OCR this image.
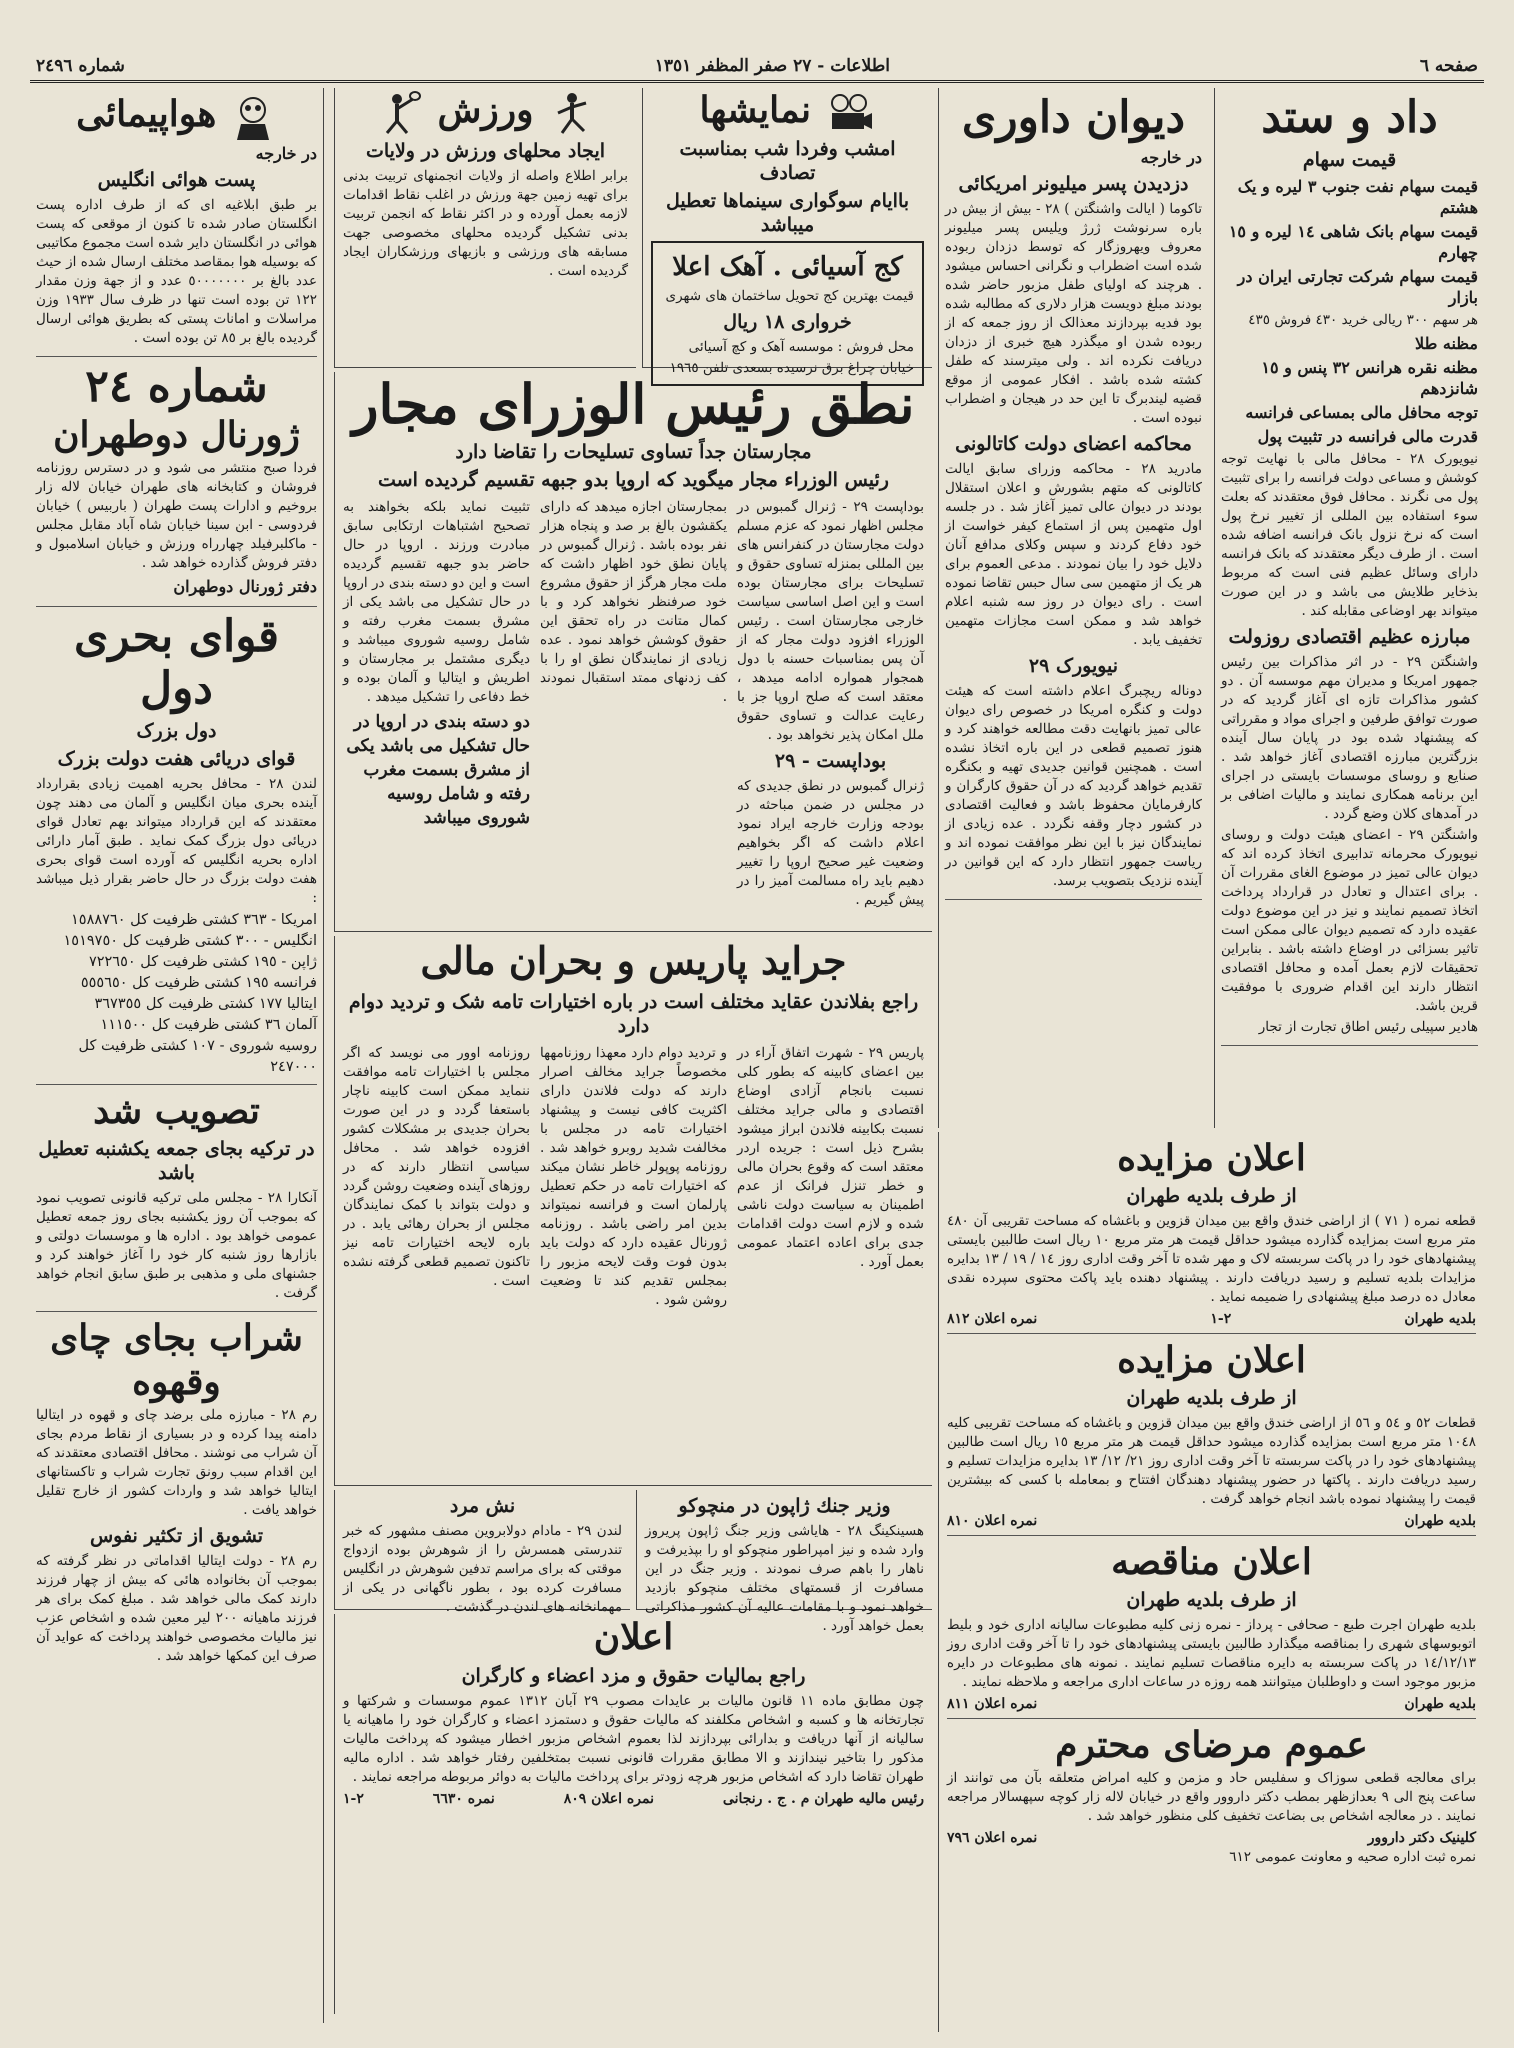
صفحه ٦
اطلاعات - ٢٧ صفر المظفر ١٣٥١
شماره ٢٤٩٦
داد و ستد
قیمت سهام
قیمت سهام نفت جنوب ٣ لیره و یک هشتم
قیمت سهام بانک شاهی ١٤ لیره و ١٥ چهارم
قیمت سهام شرکت تجارتی ایران در بازار
هر سهم ٣٠٠ ریالی خرید ٤٣٠ فروش ٤٣٥
مظنه طلا
مظنه نقره هرانس ٣٢ پنس و ١٥ شانزدهم
توجه محافل مالی بمساعی فرانسه
قدرت مالی فرانسه در تثبیت پول
نیویورک ٢٨ - محافل مالی با نهایت توجه کوشش و مساعی دولت فرانسه را برای تثبیت پول می نگرند . محافل فوق معتقدند که بعلت سوء استفاده بین المللی از تغییر نرخ پول است که نرخ نزول بانک فرانسه اضافه شده است . از طرف دیگر معتقدند که بانک فرانسه دارای وسائل عظیم فنی است که مربوط بذخایر طلایش می باشد و در این صورت میتواند بهر اوضاعی مقابله کند .
مبارزه عظیم اقتصادی روزولت
واشنگتن ٢٩ - در اثر مذاکرات بین رئیس جمهور امریکا و مدیران مهم موسسه آن . دو کشور مذاکرات تازه ای آغاز گردید که در صورت توافق طرفین و اجرای مواد و مقرراتی که پیشنهاد شده بود در پایان سال آینده بزرگترین مبارزه اقتصادی آغاز خواهد شد . صنایع و روسای موسسات بایستی در اجرای این برنامه همکاری نمایند و مالیات اضافی بر در آمدهای کلان وضع گردد .
واشنگتن ٢٩ - اعضای هیئت دولت و روسای نیویورک محرمانه تدابیری اتخاذ کرده اند که دیوان عالی تمیز در موضوع الغای مقررات آن . برای اعتدال و تعادل در قرارداد پرداخت اتخاذ تصمیم نمایند و نیز در این موضوع دولت عقیده دارد که تصمیم دیوان عالی ممکن است تاثیر بسزائی در اوضاع داشته باشد . بنابراین تحقیقات لازم بعمل آمده و محافل اقتصادی انتظار دارند این اقدام ضروری با موفقیت قرین باشد.
هادیر سپیلی رئیس اطاق تجارت از تجار
دیوان داوری
در خارجه
دزدیدن پسر میلیونر امریکائی
تاکوما ( ایالت واشنگتن ) ٢٨ - بیش از بیش در باره سرنوشت ژرژ ویلیس پسر میلیونر معروف ویهروزگار که توسط دزدان ربوده شده است اضطراب و نگرانی احساس میشود . هرچند که اولیای طفل مزبور حاضر شده بودند مبلغ دویست هزار دلاری که مطالبه شده بود فدیه بپردازند معذالک از روز جمعه که از ربوده شدن او میگذرد هیچ خبری از دزدان دریافت نکرده اند . ولی میترسند که طفل کشته شده باشد . افکار عمومی از موقع قضیه لیندبرگ تا این حد در هیجان و اضطراب نبوده است .
محاکمه اعضای دولت کاتالونی
مادرید ٢٨ - محاکمه وزرای سابق ایالت کاتالونی که متهم بشورش و اعلان استقلال بودند در دیوان عالی تمیز آغاز شد . در جلسه اول متهمین پس از استماع کیفر خواست از خود دفاع کردند و سپس وکلای مدافع آنان دلایل خود را بیان نمودند . مدعی العموم برای هر یک از متهمین سی سال حبس تقاضا نموده است . رای دیوان در روز سه شنبه اعلام خواهد شد و ممکن است مجازات متهمین تخفیف یابد .
نیویورک ٢٩
دوناله ریچبرگ اعلام داشته است که هیئت دولت و کنگره امریکا در خصوص رای دیوان عالی تمیز بانهایت دقت مطالعه خواهند کرد و هنوز تصمیم قطعی در این باره اتخاذ نشده است . همچنین قوانین جدیدی تهیه و بکنگره تقدیم خواهد گردید که در آن حقوق کارگران و کارفرمایان محفوظ باشد و فعالیت اقتصادی در کشور دچار وقفه نگردد . عده زیادی از نمایندگان نیز با این نظر موافقت نموده اند و ریاست جمهور انتظار دارد که این قوانین در آینده نزدیک بتصویب برسد.
نمایشها
امشب وفردا شب بمناسبت تصادف
باایام سوگواری سینماها تعطیل میباشد
کج آسیائی . آهک اعلا
قیمت بهترین کج تحویل ساختمان های شهری
خرواری ١٨ ریال
محل فروش : موسسه آهک و کچ آسیائی
خیابان چراغ برق نرسیده بسعدی تلفن ١٩٦٥
ورزش
ایجاد محلهای ورزش در ولایات
برابر اطلاع واصله از ولایات انجمنهای تربیت بدنی برای تهیه زمین جهة ورزش در اغلب نقاط اقدامات لازمه بعمل آورده و در اکثر نقاط که انجمن تربیت بدنی تشکیل گردیده محلهای مخصوصی جهت مسابقه های ورزشی و بازیهای ورزشکاران ایجاد گردیده است .
نطق رئیس الوزرای مجار
مجارستان جداً تساوی تسلیحات را تقاضا دارد
رئیس الوزراء مجار میگوید که اروپا بدو جبهه تقسیم گردیده است
بوداپست ٢٩ - ژنرال گمبوس در مجلس اظهار نمود که عزم مسلم دولت مجارستان در کنفرانس های بین المللی بمنزله تساوی حقوق و تسلیحات برای مجارستان بوده است و این اصل اساسی سیاست خارجی مجارستان است . رئیس الوزراء افزود دولت مجار که از آن پس بمناسبات حسنه با دول همجوار همواره ادامه میدهد ، معتقد است که صلح اروپا جز با رعایت عدالت و تساوی حقوق ملل امکان پذیر نخواهد بود .
بوداپست - ٢٩
ژنرال گمبوس در نطق جدیدی که در مجلس در ضمن مباحثه در بودجه وزارت خارجه ایراد نمود اعلام داشت که اگر بخواهیم وضعیت غیر صحیح اروپا را تغییر دهیم باید راه مسالمت آمیز را در پیش گیریم .
بمجارستان اجازه میدهد که داراى یکقشون بالغ بر صد و پنجاه هزار نفر بوده باشد . ژنرال گمبوس در پایان نطق خود اظهار داشت که ملت مجار هرگز از حقوق مشروع خود صرفنظر نخواهد کرد و با کمال متانت در راه تحقق این حقوق کوشش خواهد نمود . عده زیادی از نمایندگان نطق او را با کف زدنهای ممتد استقبال نمودند .
تثبیت نماید بلکه بخواهند به تصحیح اشتباهات ارتکابی سابق مبادرت ورزند . اروپا در حال حاضر بدو جبهه تقسیم گردیده است و این دو دسته بندی در اروپا در حال تشکیل می باشد یکی از مشرق بسمت مغرب رفته و شامل روسیه شوروی میباشد و دیگری مشتمل بر مجارستان و اطریش و ایتالیا و آلمان بوده و خط دفاعی را تشکیل میدهد .
دو دسته بندی در اروپا در حال تشکیل می باشد یکی از مشرق بسمت مغرب رفته و شامل روسیه شوروی میباشد
جراید پاریس و بحران مالی
راجع بفلاندن عقاید مختلف است در باره اختیارات تامه شک و تردید دوام دارد
پاریس ٢٩ - شهرت اتفاق آراء در بین اعضای کابینه که بطور کلی نسبت بانجام آزادی اوضاع اقتصادی و مالی جراید مختلف نسبت بکابینه فلاندن ابراز میشود بشرح ذیل است : جریده اردر معتقد است که وقوع بحران مالی و خطر تنزل فرانک از عدم اطمینان به سیاست دولت ناشی شده و لازم است دولت اقدامات جدی برای اعاده اعتماد عمومی بعمل آورد .
و تردید دوام دارد معهذا روزنامهها مخصوصاً جراید مخالف اصرار دارند که دولت فلاندن دارای اکثریت کافی نیست و پیشنهاد اختیارات تامه در مجلس با مخالفت شدید روبرو خواهد شد . روزنامه پوپولر خاطر نشان میکند که اختیارات تامه در حکم تعطیل پارلمان است و فرانسه نمیتواند بدین امر راضی باشد . روزنامه ژورنال عقیده دارد که دولت باید بدون فوت وقت لایحه مزبور را بمجلس تقدیم کند تا وضعیت روشن شود .
روزنامه اوور می نویسد که اگر مجلس با اختیارات تامه موافقت ننماید ممکن است کابینه ناچار باستعفا گردد و در این صورت بحران جدیدی بر مشکلات کشور افزوده خواهد شد . محافل سیاسی انتظار دارند که در روزهای آینده وضعیت روشن گردد و دولت بتواند با کمک نمایندگان مجلس از بحران رهائی یابد . در باره لایحه اختیارات تامه نیز تاکنون تصمیم قطعی گرفته نشده است .
وزیر جنك ژاپون در منچوکو
هسینکینگ ٢٨ - هایاشی وزیر جنگ ژاپون پریروز وارد شده و نیز امپراطور منچوکو او را بپذیرفت و ناهار را باهم صرف نمودند . وزیر جنگ در این مسافرت از قسمتهای مختلف منچوکو بازدید خواهد نمود و با مقامات عالیه آن کشور مذاکراتی بعمل خواهد آورد .
نش مرد
لندن ٢٩ - مادام دولابروین مصنف مشهور که خبر تندرستی همسرش را از شوهرش بوده ازدواج موقتی که برای مراسم تدفین شوهرش در انگلیس مسافرت کرده بود ، بطور ناگهانی در یکی از مهمانخانه های لندن در گذشت .
اعلان
راجع بمالیات حقوق و مزد اعضاء و کارگران
چون مطابق ماده ١١ قانون مالیات بر عایدات مصوب ٢٩ آبان ١٣١٢ عموم موسسات و شرکتها و تجارتخانه ها و کسبه و اشخاص مکلفند که مالیات حقوق و دستمزد اعضاء و کارگران خود را ماهیانه یا سالیانه از آنها دریافت و بدارائی بپردازند لذا بعموم اشخاص مزبور اخطار میشود که پرداخت مالیات مذکور را بتاخیر نیندازند و الا مطابق مقررات قانونی نسبت بمتخلفین رفتار خواهد شد . اداره مالیه طهران تقاضا دارد که اشخاص مزبور هرچه زودتر برای پرداخت مالیات به دوائر مربوطه مراجعه نمایند .
رئیس مالیه طهران م . ج . رنجانی
نمره اعلان ٨٠٩
نمره ٦٦٣٠
٢-١
اعلان مزایده
از طرف بلدیه طهران
قطعه نمره ( ٧١ ) از اراضی خندق واقع بین میدان قزوین و باغشاه که مساحت تقریبی آن ٤٨٠ متر مربع است بمزایده گذارده میشود حداقل قیمت هر متر مربع ۱۰ ریال است طالبین بایستی پیشنهادهای خود را در پاکت سربسته لاک و مهر شده تا آخر وقت اداری روز ١٤ / ١٩ / ١٣ بدایره مزایدات بلدیه تسلیم و رسید دریافت دارند . پیشنهاد دهنده باید پاکت محتوی سپرده نقدی معادل ده درصد مبلغ پیشنهادی را ضمیمه نماید .
بلدیه طهران
٢-١
نمره اعلان ٨١٢
اعلان مزایده
از طرف بلدیه طهران
قطعات ٥٢ و ٥٤ و ٥٦ از اراضی خندق واقع بین میدان قزوین و باغشاه که مساحت تقریبی کلیه ١٠٤٨ متر مربع است بمزایده گذارده میشود حداقل قیمت هر متر مربع ١٥ ریال است طالبین پیشنهادهای خود را در پاکت سربسته تا آخر وقت اداری روز ٢١/ ١٢/ ١٣ بدایره مزایدات تسلیم و رسید دریافت دارند . پاکتها در حضور پیشنهاد دهندگان افتتاح و بمعامله با کسی که بیشترین قیمت را پیشنهاد نموده باشد انجام خواهد گرفت .
بلدیه طهران
نمره اعلان ٨١٠
اعلان مناقصه
از طرف بلدیه طهران
بلدیه طهران اجرت طبع - صحافی - پرداز - نمره زنی کلیه مطبوعات سالیانه اداری خود و بلیط اتوبوسهای شهری را بمناقصه میگذارد طالبین بایستی پیشنهادهای خود را تا آخر وقت اداری روز ١٤/١٢/١٣ در پاکت سربسته به دایره مناقصات تسلیم نمایند . نمونه های مطبوعات در دایره مزبور موجود است و داوطلبان میتوانند همه روزه در ساعات اداری مراجعه و ملاحظه نمایند .
بلدیه طهران
نمره اعلان ٨١١
عموم مرضای محترم
برای معالجه قطعی سوزاک و سفلیس حاد و مزمن و کلیه امراض متعلقه بآن می توانند از ساعت پنج الی ٩ بعدازظهر بمطب دکتر داروور واقع در خیابان لاله زار کوچه سپهسالار مراجعه نمایند . در معالجه اشخاص بی بضاعت تخفیف کلی منظور خواهد شد .
کلینیک دکتر داروور
نمره اعلان ٧٩٦
نمره ثبت اداره صحیه و معاونت عمومی ٦١٢
هواپیمائی
در خارجه
پست هوائی انگلیس
بر طبق ابلاغیه ای که از طرف اداره پست انگلستان صادر شده تا کنون از موقعی که پست هوائی در انگلستان دایر شده است مجموع مکاتیبی که بوسیله هوا بمقاصد مختلف ارسال شده از حیث عدد بالغ بر ٥٠٠٠٠٠٠٠ عدد و از جهة وزن مقدار ١٢٢ تن بوده است تنها در ظرف سال ١٩٣٣ وزن مراسلات و امانات پستی که بطریق هوائی ارسال گردیده بالغ بر ٨٥ تن بوده است .
شماره ٢٤
ژورنال دوطهران
فردا صبح منتشر می شود و در دسترس روزنامه فروشان و کتابخانه های طهران خیابان لاله زار بروخیم و ادارات پست طهران ( باربیس ) خیابان فردوسی - ابن سینا خیابان شاه آباد مقابل مجلس - ماکلبرفیلد چهارراه ورزش و خیابان اسلامبول و دفتر فروش گذارده خواهد شد .
دفتر ژورنال دوطهران
قوای بحری دول
دول بزرک
قوای دریائی هفت دولت بزرک
لندن ٢٨ - محافل بحریه اهمیت زیادی بقرارداد آینده بحری میان انگلیس و آلمان می دهند چون معتقدند که این قرارداد میتواند بهم تعادل قوای دریائی دول بزرگ کمک نماید . طبق آمار دارائی اداره بحریه انگلیس که آورده است قوای بحری هفت دولت بزرگ در حال حاضر بقرار ذیل میباشد :
امریکا - ٣٦٣ کشتی ظرفیت کل ١٥٨٨٧٦٠
انگلیس - ٣٠٠ کشتی ظرفیت کل ١٥١٩٧٥٠
ژاپن - ١٩٥ کشتی ظرفیت کل ٧٢٢٦٥٠
فرانسه ١٩٥ کشتی ظرفیت کل ٥٥٥٦٥٠
ایتالیا ١٧٧ کشتی ظرفیت کل ٣٦٧٣٥٥
آلمان ٣٦ کشتی ظرفیت کل ١١١٥٠٠
روسیه شوروی - ١٠٧ کشتی ظرفیت کل ٢٤٧٠٠٠
تصویب شد
در ترکیه بجای جمعه یکشنبه تعطیل باشد
آنکارا ٢٨ - مجلس ملی ترکیه قانونی تصویب نمود که بموجب آن روز یکشنبه بجای روز جمعه تعطیل عمومی خواهد بود . اداره ها و موسسات دولتی و بازارها روز شنبه کار خود را آغاز خواهند کرد و جشنهای ملی و مذهبی بر طبق سابق انجام خواهد گرفت .
شراب بجای چای وقهوه
رم ٢٨ - مبارزه ملی برضد چای و قهوه در ایتالیا دامنه پیدا کرده و در بسیاری از نقاط مردم بجای آن شراب می نوشند . محافل اقتصادی معتقدند که این اقدام سبب رونق تجارت شراب و تاکستانهای ایتالیا خواهد شد و واردات کشور از خارج تقلیل خواهد یافت .
تشویق از تکثیر نفوس
رم ٢٨ - دولت ایتالیا اقداماتی در نظر گرفته که بموجب آن بخانواده هائی که بیش از چهار فرزند دارند کمک مالی خواهد شد . مبلغ کمک برای هر فرزند ماهیانه ٢٠٠ لیر معین شده و اشخاص عزب نیز مالیات مخصوصی خواهند پرداخت که عواید آن صرف این کمکها خواهد شد .
